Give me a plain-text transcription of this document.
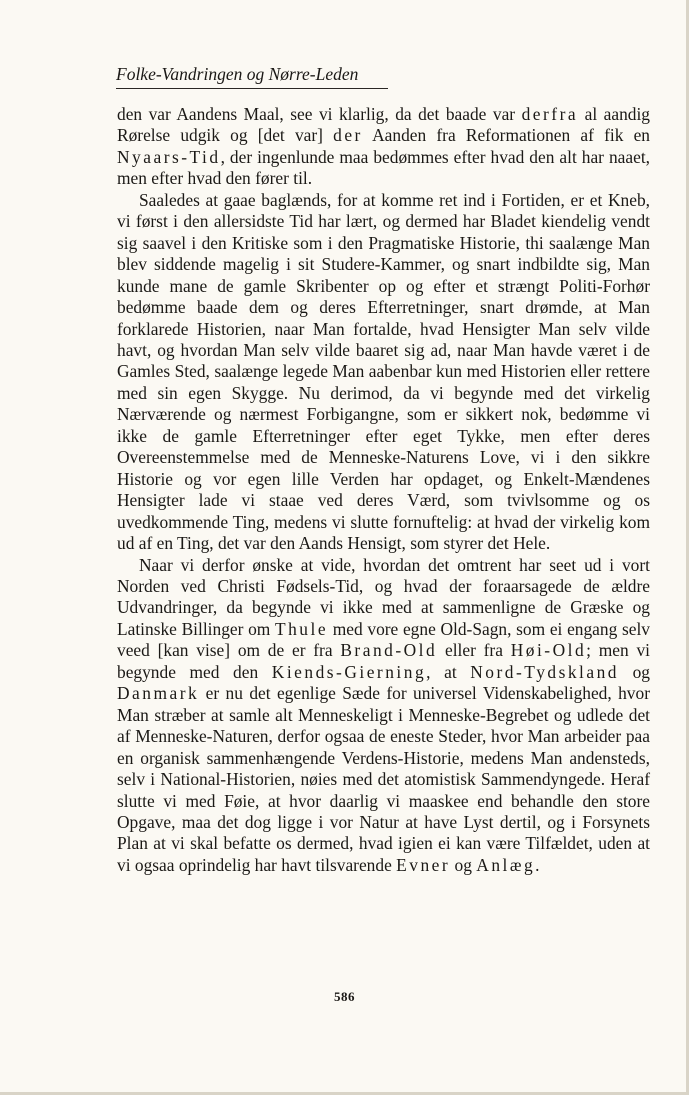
Folke-Vandringen og Nørre-Leden

den var Aandens Maal, see vi klarlig, da det baade var derfra al aandig Rørelse udgik og [det var] der Aanden fra Reformationen af fik en Nyaars-Tid, der ingenlunde maa bedømmes efter hvad den alt har naaet, men efter hvad den fører til.

Saaledes at gaae baglænds, for at komme ret ind i Fortiden, er et Kneb, vi først i den allersidste Tid har lært, og dermed har Bladet kiendelig vendt sig saavel i den Kritiske som i den Pragmatiske Historie, thi saalænge Man blev siddende magelig i sit Studere-Kammer, og snart indbildte sig, Man kunde mane de gamle Skribenter op og efter et strængt Politi-Forhør bedømme baade dem og deres Efterretninger, snart drømde, at Man forklarede Historien, naar Man fortalde, hvad Hensigter Man selv vilde havt, og hvordan Man selv vilde baaret sig ad, naar Man havde været i de Gamles Sted, saalænge legede Man aabenbar kun med Historien eller rettere med sin egen Skygge. Nu derimod, da vi begynde med det virkelig Nærværende og nærmest Forbigangne, som er sikkert nok, bedømme vi ikke de gamle Efterretninger efter eget Tykke, men efter deres Overeenstemmelse med de Menneske-Naturens Love, vi i den sikkre Historie og vor egen lille Verden har opdaget, og Enkelt-Mændenes Hensigter lade vi staae ved deres Værd, som tvivlsomme og os uvedkommende Ting, medens vi slutte fornuftelig: at hvad der virkelig kom ud af en Ting, det var den Aands Hensigt, som styrer det Hele.

Naar vi derfor ønske at vide, hvordan det omtrent har seet ud i vort Norden ved Christi Fødsels-Tid, og hvad der foraarsagede de ældre Udvandringer, da begynde vi ikke med at sammenligne de Græske og Latinske Billinger om Thule med vore egne Old-Sagn, som ei engang selv veed [kan vise] om de er fra Brand-Old eller fra Høi-Old; men vi begynde med den Kiends-Gierning, at Nord-Tydskland og Danmark er nu det egenlige Sæde for universel Videnskabelighed, hvor Man stræber at samle alt Menneskeligt i Menneske-Begrebet og udlede det af Menneske-Naturen, derfor ogsaa de eneste Steder, hvor Man arbeider paa en organisk sammenhængende Verdens-Historie, medens Man andensteds, selv i National-Historien, nøies med det atomistisk Sammendyngede. Heraf slutte vi med Føie, at hvor daarlig vi maaskee end behandle den store Opgave, maa det dog ligge i vor Natur at have Lyst dertil, og i Forsynets Plan at vi skal befatte os dermed, hvad igien ei kan være Tilfældet, uden at vi ogsaa oprindelig har havt tilsvarende Evner og Anlæg.

586
